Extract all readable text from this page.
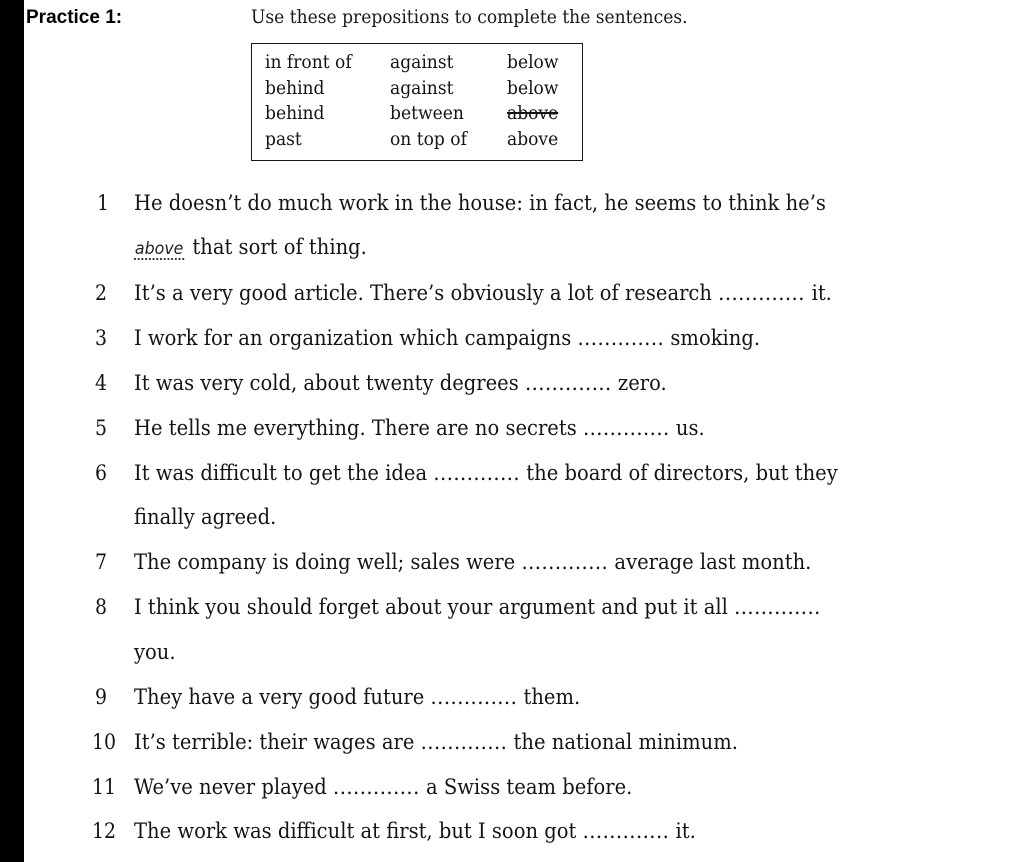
Practice 1:	Use these prepositions to complete the sentences.
in front of
behind
behind
past
against
against
between
on top of
below
below
above
above
1 He doesn’t do much work in the house: in fact, he seems to think he’s
above that sort of thing.
2 It’s a very good article. There’s obviously a lot of research ............. it.
3 I work for an organization which campaigns ............. smoking.
4 It was very cold, about twenty degrees ............. zero.
5 He tells me everything. There are no secrets ............. us.
6 It was difficult to get the idea ............. the board of directors, but they
finally agreed.
7 The company is doing well; sales were ............. average last month.
8 I think you should forget about your argument and put it all .............
you.
9 They have a very good future ............. them.
10 It’s terrible: their wages are ............. the national minimum.
11 We’ve never played ............. a Swiss team before.
12 The work was difficult at first, but I soon got ............. it.
